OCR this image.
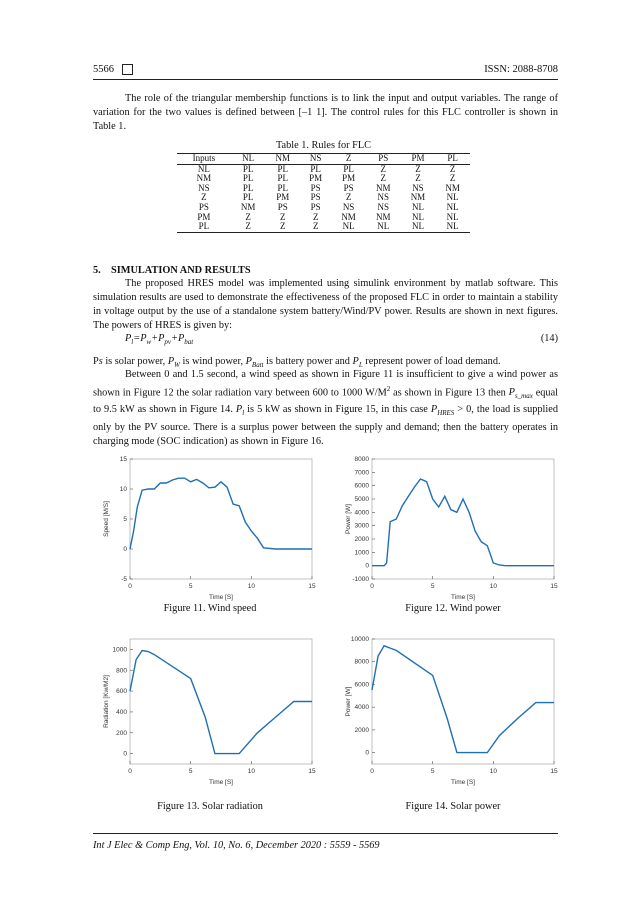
5566	ISSN: 2088-8708

The role of the triangular membership functions is to link the input and output variables. The range of variation for the two values is defined between [–1 1]. The control rules for this FLC controller is shown in Table 1.

Table 1. Rules for FLC
Inputs	NL	NM	NS	Z	PS	PM	PL
NL	PL	PL	PL	PL	Z	Z	Z
NM	PL	PL	PM	PM	Z	Z	Z
NS	PL	PL	PS	PS	NM	NS	NM
Z	PL	PM	PS	Z	NS	NM	NL
PS	NM	PS	PS	NS	NS	NL	NL
PM	Z	Z	Z	NM	NM	NL	NL
PL	Z	Z	Z	NL	NL	NL	NL
5.    SIMULATION AND RESULTS

The proposed HRES model was implemented using simulink environment by matlab software. This simulation results are used to demonstrate the effectiveness of the proposed FLC in order to maintain a stability in voltage output by the use of a standalone system battery/Wind/PV power. Results are shown in next figures. The powers of HRES is given by:

$P_l=P_w+P_{pv}+P_{bat}$	(14)

Ps is solar power, $P_W$ is wind power, $P_{Batt}$ is battery power and $P_L$ represent power of load demand.

Between 0 and 1.5 second, a wind speed as shown in Figure 11 is insufficient to give a wind power as shown in Figure 12 the solar radiation vary between 600 to 1000 $W/M^2$ as shown in Figure 13 then $P_{s\_max}$ equal to 9.5 kW as shown in Figure 14. $P_l$ is 5 kW as shown in Figure 15, in this case $P_{HRES} > 0$, the load is supplied only by the PV source. There is a surplus power between the supply and demand; then the battery operates in charging mode (SOC indication) as shown in Figure 16.

0	5	10	15
-5
0
5
10
15
Time [S]
Speed [M/S]
0	5	10	15
-1000
0
1000
2000
3000
4000
5000
6000
7000
8000
Time [S]
Power [W]
Figure 11. Wind speed	Figure 12. Wind power
0	5	10	15
0
200
400
600
800
1000
Time [S]
Radiation [Kw/M2]
0	5	10	15
0
2000
4000
6000
8000
10000
Time [S]
Power [W]
Figure 13. Solar radiation	Figure 14. Solar power
Int J Elec & Comp Eng, Vol. 10, No. 6, December 2020 : 5559 - 5569
